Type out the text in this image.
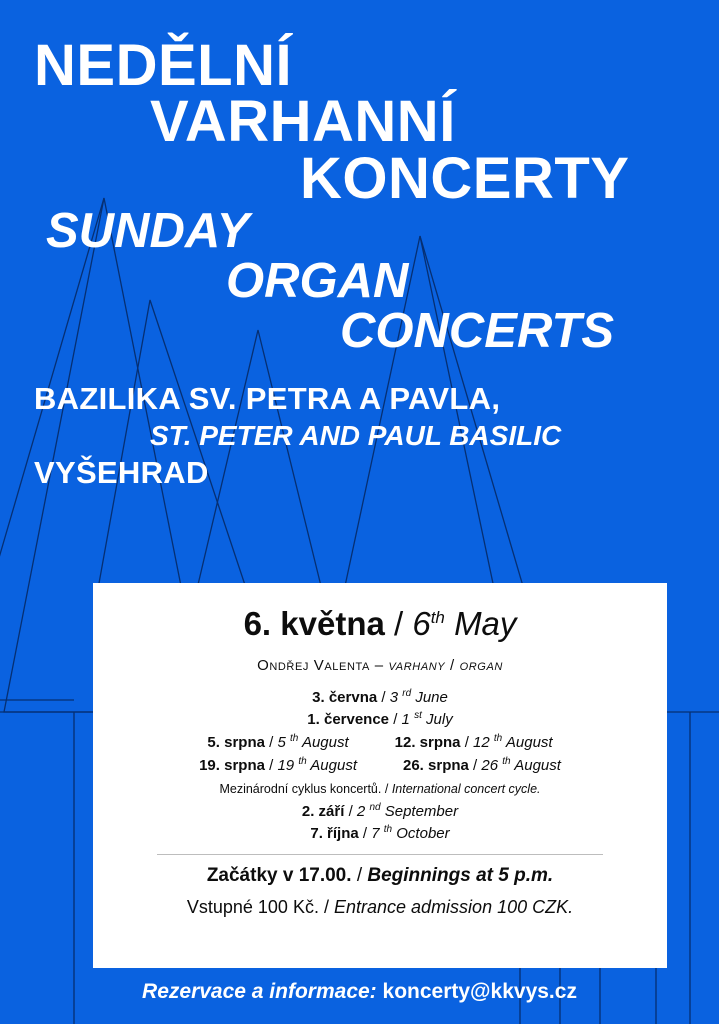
NEDĚLNÍ
VARHANNÍ
KONCERTY
SUNDAY
ORGAN
CONCERTS
BAZILIKA SV. PETRA A PAVLA,
ST. PETER AND PAUL BASILIC
VYŠEHRAD
6. května / 6th May
Ondřej Valenta – varhany / organ
3. června / 3 $^{rd}$ June
1. července / 1 $^{st}$ July
5. srpna / 5 $^{th}$ August	12. srpna / 12 $^{th}$ August
19. srpna / 19 $^{th}$ August	26. srpna / 26 $^{th}$ August
Mezinárodní cyklus koncertů. / International concert cycle.
2. září / 2 $^{nd}$ September
7. října / 7 $^{th}$ October
Začátky v 17.00. / Beginnings at 5 p.m.
Vstupné 100 Kč. / Entrance admission 100 CZK.
Rezervace a informace: koncerty@kkvys.cz
